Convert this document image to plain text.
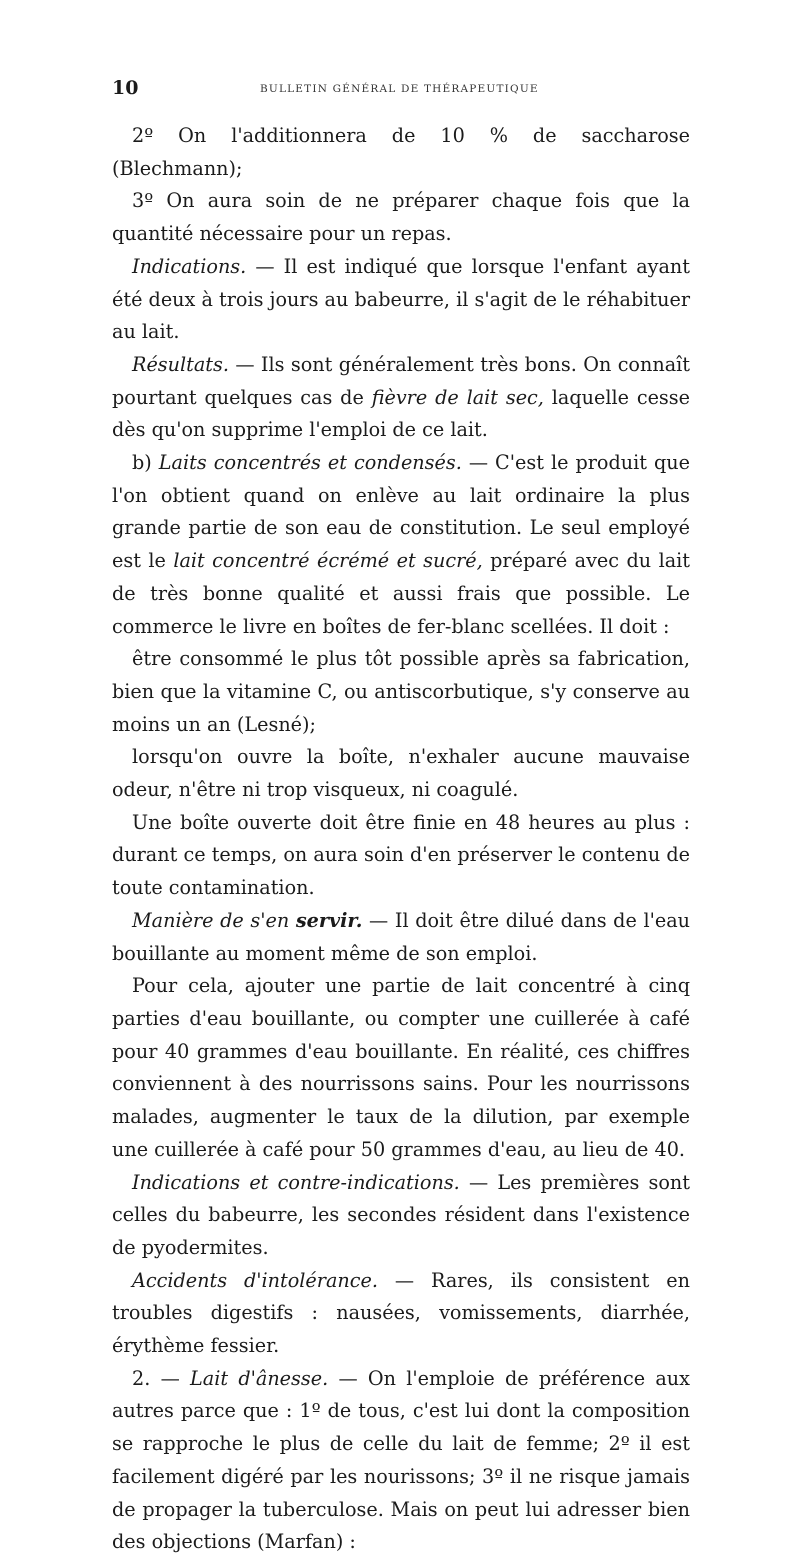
10	BULLETIN GÉNÉRAL DE THÉRAPEUTIQUE

2º On l'additionnera de 10 % de saccharose (Blechmann);

3º On aura soin de ne préparer chaque fois que la quantité nécessaire pour un repas.

Indications. — Il est indiqué que lorsque l'enfant ayant été deux à trois jours au babeurre, il s'agit de le réhabituer au lait.

Résultats. — Ils sont généralement très bons. On connaît pourtant quelques cas de fièvre de lait sec, laquelle cesse dès qu'on supprime l'emploi de ce lait.

b) Laits concentrés et condensés. — C'est le produit que l'on obtient quand on enlève au lait ordinaire la plus grande partie de son eau de constitution. Le seul employé est le lait concentré écrémé et sucré, préparé avec du lait de très bonne qualité et aussi frais que possible. Le commerce le livre en boîtes de fer-blanc scellées. Il doit :

être consommé le plus tôt possible après sa fabrication, bien que la vitamine C, ou antiscorbutique, s'y conserve au moins un an (Lesné);

lorsqu'on ouvre la boîte, n'exhaler aucune mauvaise odeur, n'être ni trop visqueux, ni coagulé.

Une boîte ouverte doit être finie en 48 heures au plus : durant ce temps, on aura soin d'en préserver le contenu de toute contamination.

Manière de s'en servir. — Il doit être dilué dans de l'eau bouillante au moment même de son emploi.

Pour cela, ajouter une partie de lait concentré à cinq parties d'eau bouillante, ou compter une cuillerée à café pour 40 grammes d'eau bouillante. En réalité, ces chiffres conviennent à des nourrissons sains. Pour les nourrissons malades, augmenter le taux de la dilution, par exemple une cuillerée à café pour 50 grammes d'eau, au lieu de 40.

Indications et contre-indications. — Les premières sont celles du babeurre, les secondes résident dans l'existence de pyodermites.

Accidents d'intolérance. — Rares, ils consistent en troubles digestifs : nausées, vomissements, diarrhée, érythème fessier.

2. — Lait d'ânesse. — On l'emploie de préférence aux autres parce que : 1º de tous, c'est lui dont la composition se rapproche le plus de celle du lait de femme; 2º il est facilement digéré par les nourissons; 3º il ne risque jamais de propager la tuberculose. Mais on peut lui adresser bien des objections (Marfan) :
